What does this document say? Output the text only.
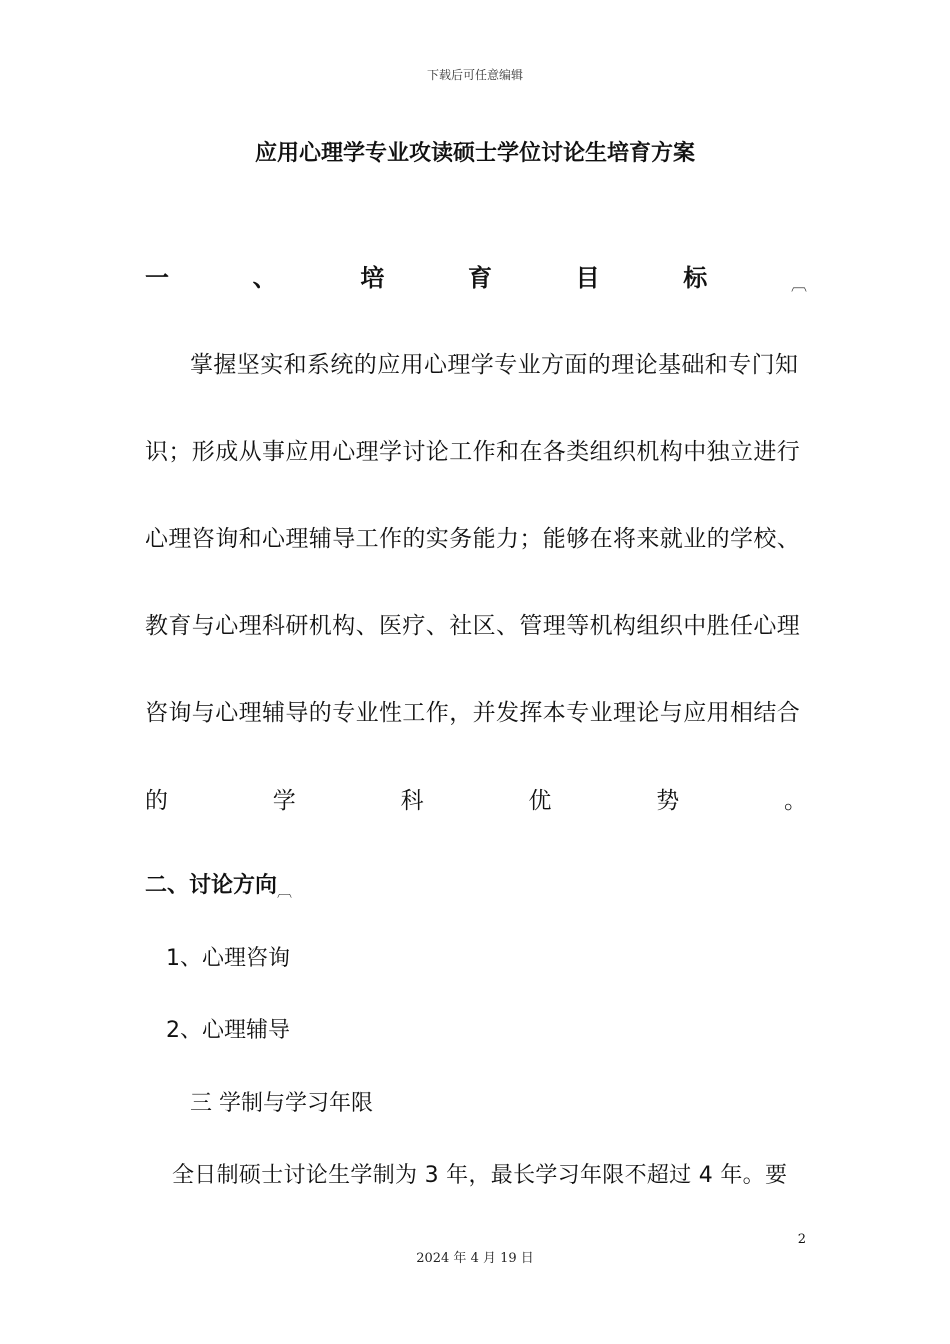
下载后可任意编辑
应用心理学专业攻读硕士学位讨论生培育方案
一	、	培	育	目	标	︹
掌握坚实和系统的应用心理学专业方面的理论基础和专门知
识；形成从事应用心理学讨论工作和在各类组织机构中独立进行
心理咨询和心理辅导工作的实务能力；能够在将来就业的学校、
教育与心理科研机构、医疗、社区、管理等机构组织中胜任心理
咨询与心理辅导的专业性工作，并发挥本专业理论与应用相结合
的	学	科	优	势	。
二、讨论方向︹
1、心理咨询
2、心理辅导
三 学制与学习年限
全日制硕士讨论生学制为 3 年，最长学习年限不超过 4 年。要
2
2024 年 4 月 19 日
